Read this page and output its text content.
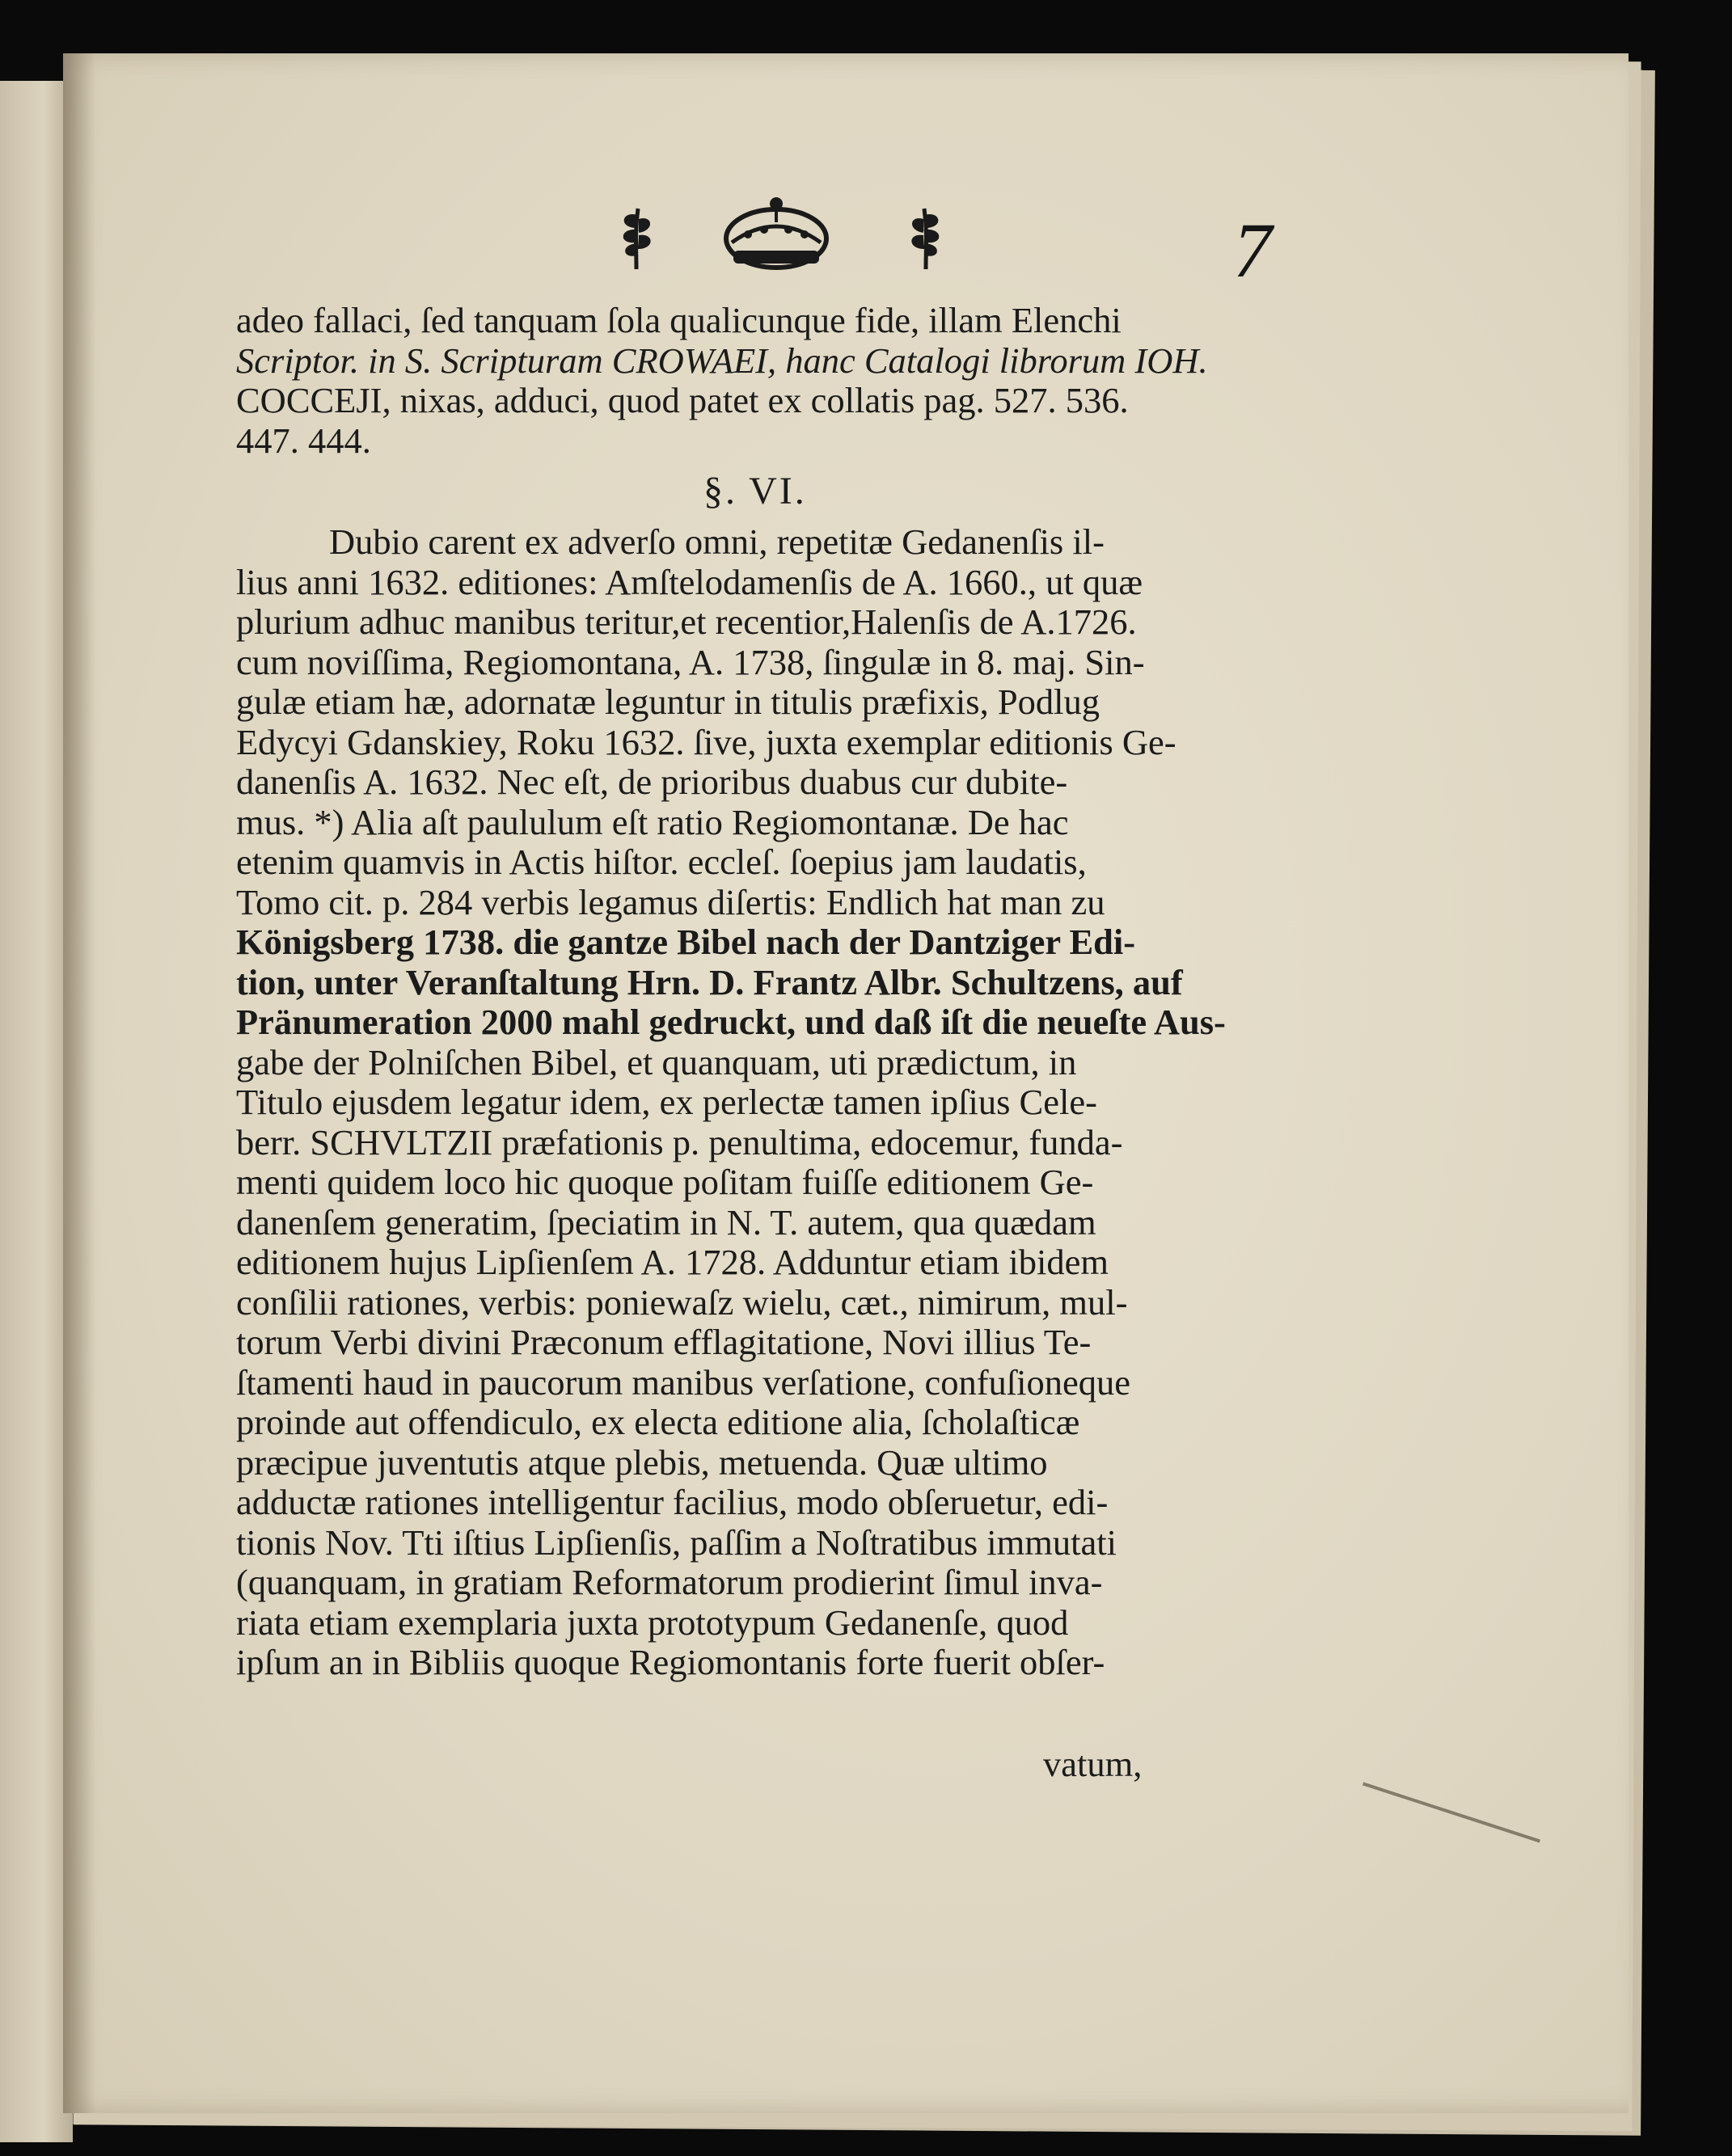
7
adeo fallaci, ſed tanquam ſola qualicunque fide, illam Elenchi
Scriptor. in S. Scripturam CROWAEI, hanc Catalogi librorum IOH.
COCCEJI, nixas, adduci, quod patet ex collatis pag. 527. 536.
447. 444.
§. VI.
Dubio carent ex adverſo omni, repetitæ Gedanenſis il-
lius anni 1632. editiones: Amſtelodamenſis de A. 1660., ut quæ
plurium adhuc manibus teritur,et recentior,Halenſis de A.1726.
cum noviſſima, Regiomontana, A. 1738, ſingulæ in 8. maj. Sin-
gulæ etiam hæ, adornatæ leguntur in titulis præfixis, Podlug
Edycyi Gdanskiey, Roku 1632. ſive, juxta exemplar editionis Ge-
danenſis A. 1632. Nec eſt, de prioribus duabus cur dubite-
mus. *) Alia aſt paululum eſt ratio Regiomontanæ. De hac
etenim quamvis in Actis hiſtor. eccleſ. ſoepius jam laudatis,
Tomo cit. p. 284 verbis legamus diſertis: Endlich hat man zu
Königsberg 1738. die gantze Bibel nach der Dantziger Edi-
tion, unter Veranſtaltung Hrn. D. Frantz Albr. Schultzens, auf
Pränumeration 2000 mahl gedruckt, und daß iſt die neueſte Aus-
gabe der Polniſchen Bibel, et quanquam, uti prædictum, in
Titulo ejusdem legatur idem, ex perlectæ tamen ipſius Cele-
berr. SCHVLTZII præfationis p. penultima, edocemur, funda-
menti quidem loco hic quoque poſitam fuiſſe editionem Ge-
danenſem generatim, ſpeciatim in N. T. autem, qua quædam
editionem hujus Lipſienſem A. 1728. Adduntur etiam ibidem
conſilii rationes, verbis: poniewaſz wielu, cæt., nimirum, mul-
torum Verbi divini Præconum efflagitatione, Novi illius Te-
ſtamenti haud in paucorum manibus verſatione, confuſioneque
proinde aut offendiculo, ex electa editione alia, ſcholaſticæ
præcipue juventutis atque plebis, metuenda. Quæ ultimo
adductæ rationes intelligentur facilius, modo obſeruetur, edi-
tionis Nov. Tti iſtius Lipſienſis, paſſim a Noſtratibus immutati
(quanquam, in gratiam Reformatorum prodierint ſimul inva-
riata etiam exemplaria juxta prototypum Gedanenſe, quod
ipſum an in Bibliis quoque Regiomontanis forte fuerit obſer-
vatum,
